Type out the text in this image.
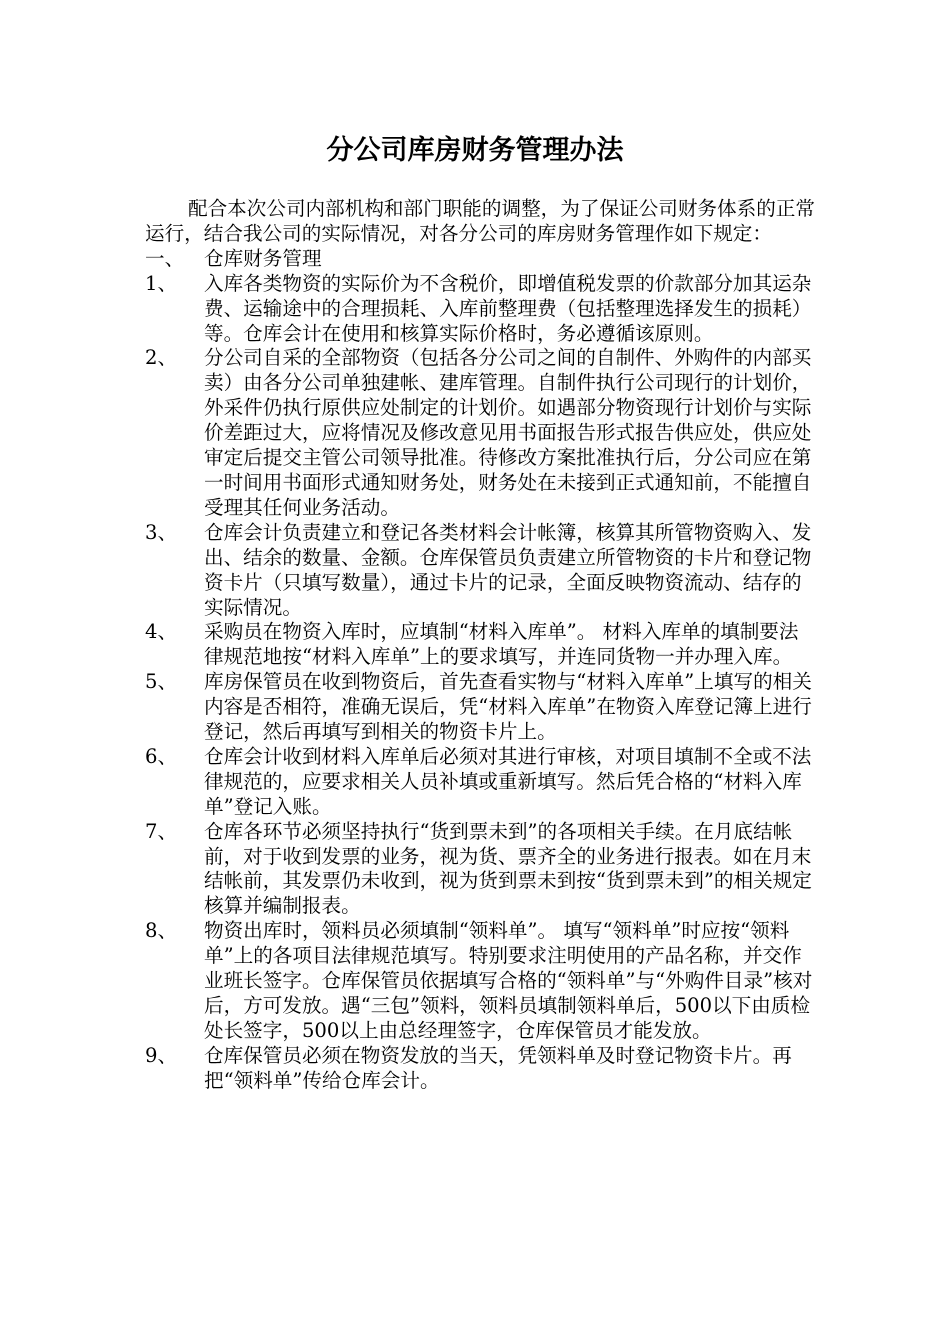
分公司库房财务管理办法

配合本次公司内部机构和部门职能的调整，为了保证公司财务体系的正常运行，结合我公司的实际情况，对各分公司的库房财务管理作如下规定：

一、 仓库财务管理

1、 入库各类物资的实际价为不含税价，即增值税发票的价款部分加其运杂费、运输途中的合理损耗、入库前整理费（包括整理选择发生的损耗）等。仓库会计在使用和核算实际价格时，务必遵循该原则。
2、 分公司自采的全部物资（包括各分公司之间的自制件、外购件的内部买卖）由各分公司单独建帐、建库管理。自制件执行公司现行的计划价，外采件仍执行原供应处制定的计划价。如遇部分物资现行计划价与实际价差距过大，应将情况及修改意见用书面报告形式报告供应处，供应处审定后提交主管公司领导批准。待修改方案批准执行后，分公司应在第一时间用书面形式通知财务处，财务处在未接到正式通知前，不能擅自受理其任何业务活动。
3、 仓库会计负责建立和登记各类材料会计帐簿，核算其所管物资购入、发出、结余的数量、金额。仓库保管员负责建立所管物资的卡片和登记物资卡片（只填写数量），通过卡片的记录，全面反映物资流动、结存的实际情况。
4、 采购员在物资入库时，应填制“材料入库单”。 材料入库单的填制要法律规范地按“材料入库单”上的要求填写，并连同货物一并办理入库。
5、 库房保管员在收到物资后，首先查看实物与“材料入库单”上填写的相关内容是否相符，准确无误后，凭“材料入库单”在物资入库登记簿上进行登记，然后再填写到相关的物资卡片上。
6、 仓库会计收到材料入库单后必须对其进行审核，对项目填制不全或不法律规范的，应要求相关人员补填或重新填写。然后凭合格的“材料入库单”登记入账。
7、 仓库各环节必须坚持执行“货到票未到”的各项相关手续。在月底结帐前，对于收到发票的业务，视为货、票齐全的业务进行报表。如在月末结帐前，其发票仍未收到，视为货到票未到按“货到票未到”的相关规定核算并编制报表。
8、 物资出库时，领料员必须填制“领料单”。 填写“领料单”时应按“领料单”上的各项目法律规范填写。特别要求注明使用的产品名称，并交作业班长签字。仓库保管员依据填写合格的“领料单”与“外购件目录”核对后，方可发放。遇“三包”领料，领料员填制领料单后，500以下由质检处长签字，500以上由总经理签字，仓库保管员才能发放。
9、 仓库保管员必须在物资发放的当天，凭领料单及时登记物资卡片。再把“领料单”传给仓库会计。
